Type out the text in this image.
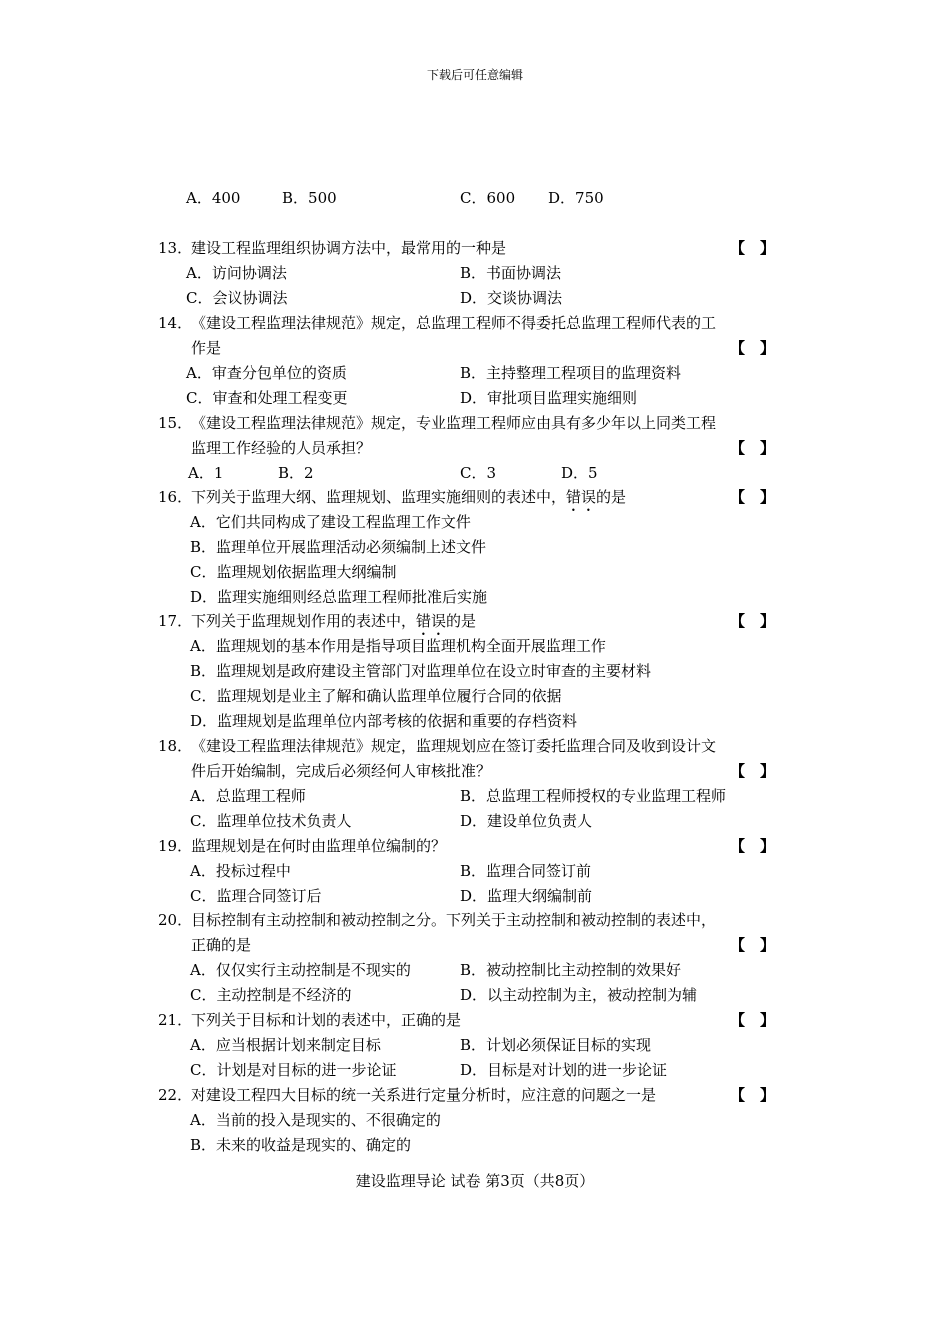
下载后可任意编辑
A．400	B．500	C．600 D．750
13．
建设工程监理组织协调方法中，最常用的一种是	【　】
A．访问协调法	B．书面协调法
C．会议协调法	D．交谈协调法
14．
《建设工程监理法律规范》规定，总监理工程师不得委托总监理工程师代表的工
作是	【　】
A．审查分包单位的资质	B．主持整理工程项目的监理资料
C．审查和处理工程变更	D．审批项目监理实施细则
15．
《建设工程监理法律规范》规定，专业监理工程师应由具有多少年以上同类工程
监理工作经验的人员承担？	【　】
A．1	B．2	C．3	D．5
16．
下列关于监理大纲、监理规划、监理实施细则的表述中，错误的是	【　】
A．它们共同构成了建设工程监理工作文件
B．监理单位开展监理活动必须编制上述文件
C．监理规划依据监理大纲编制
D．监理实施细则经总监理工程师批准后实施
17．
下列关于监理规划作用的表述中，错误的是	【　】
A．监理规划的基本作用是指导项目监理机构全面开展监理工作
B．监理规划是政府建设主管部门对监理单位在设立时审查的主要材料
C．监理规划是业主了解和确认监理单位履行合同的依据
D．监理规划是监理单位内部考核的依据和重要的存档资料
18．
《建设工程监理法律规范》规定，监理规划应在签订委托监理合同及收到设计文
件后开始编制，完成后必须经何人审核批准？	【　】
A．总监理工程师	B．总监理工程师授权的专业监理工程师
C．监理单位技术负责人	D．建设单位负责人
19．
监理规划是在何时由监理单位编制的？	【　】
A．投标过程中	B．监理合同签订前
C．监理合同签订后	D．监理大纲编制前
20．
目标控制有主动控制和被动控制之分。下列关于主动控制和被动控制的表述中，
正确的是	【　】
A．仅仅实行主动控制是不现实的	B．被动控制比主动控制的效果好
C．主动控制是不经济的	D．以主动控制为主，被动控制为辅
21．
下列关于目标和计划的表述中，正确的是	【　】
A．应当根据计划来制定目标	B．计划必须保证目标的实现
C．计划是对目标的进一步论证	D．目标是对计划的进一步论证
22．
对建设工程四大目标的统一关系进行定量分析时，应注意的问题之一是	【　】
A．当前的投入是现实的、不很确定的
B．未来的收益是现实的、确定的
建设监理导论 试卷 第3页（共8页）
